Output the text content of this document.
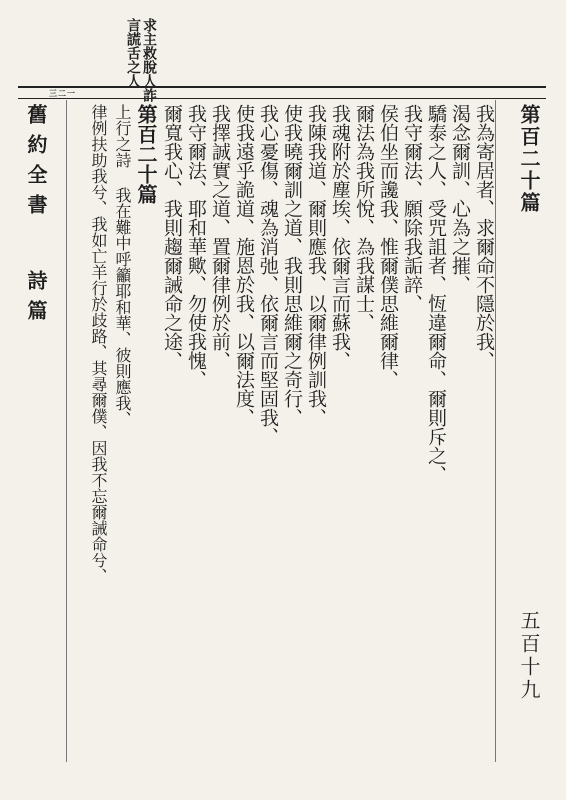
求主救脫人詐
言謊舌之人
三二一
舊約全書
詩篇
第百二十篇
五百十九
我為寄居者、求爾命不隱於我、
渴念爾訓、心為之摧、
驕泰之人、受咒詛者、恆違爾命、爾則斥之、
我守爾法、願除我詬誶、
侯伯坐而讒我、惟爾僕思維爾律、
爾法為我所悅、為我謀士、
我魂附於塵埃、依爾言而蘇我、
我陳我道、爾則應我、以爾律例訓我、
使我曉爾訓之道、我則思維爾之奇行、
我心憂傷、魂為消弛、依爾言而堅固我、
使我遠乎詭道、施恩於我、以爾法度、
我擇誠實之道、置爾律例於前、
我守爾法、耶和華歟、勿使我愧、
爾寬我心、我則趨爾誡命之途、
第百二十篇
上行之詩 我在難中呼籲耶和華、彼則應我、
律例扶助我兮、我如亡羊行於歧路、其尋爾僕、因我不忘爾誡命兮、
